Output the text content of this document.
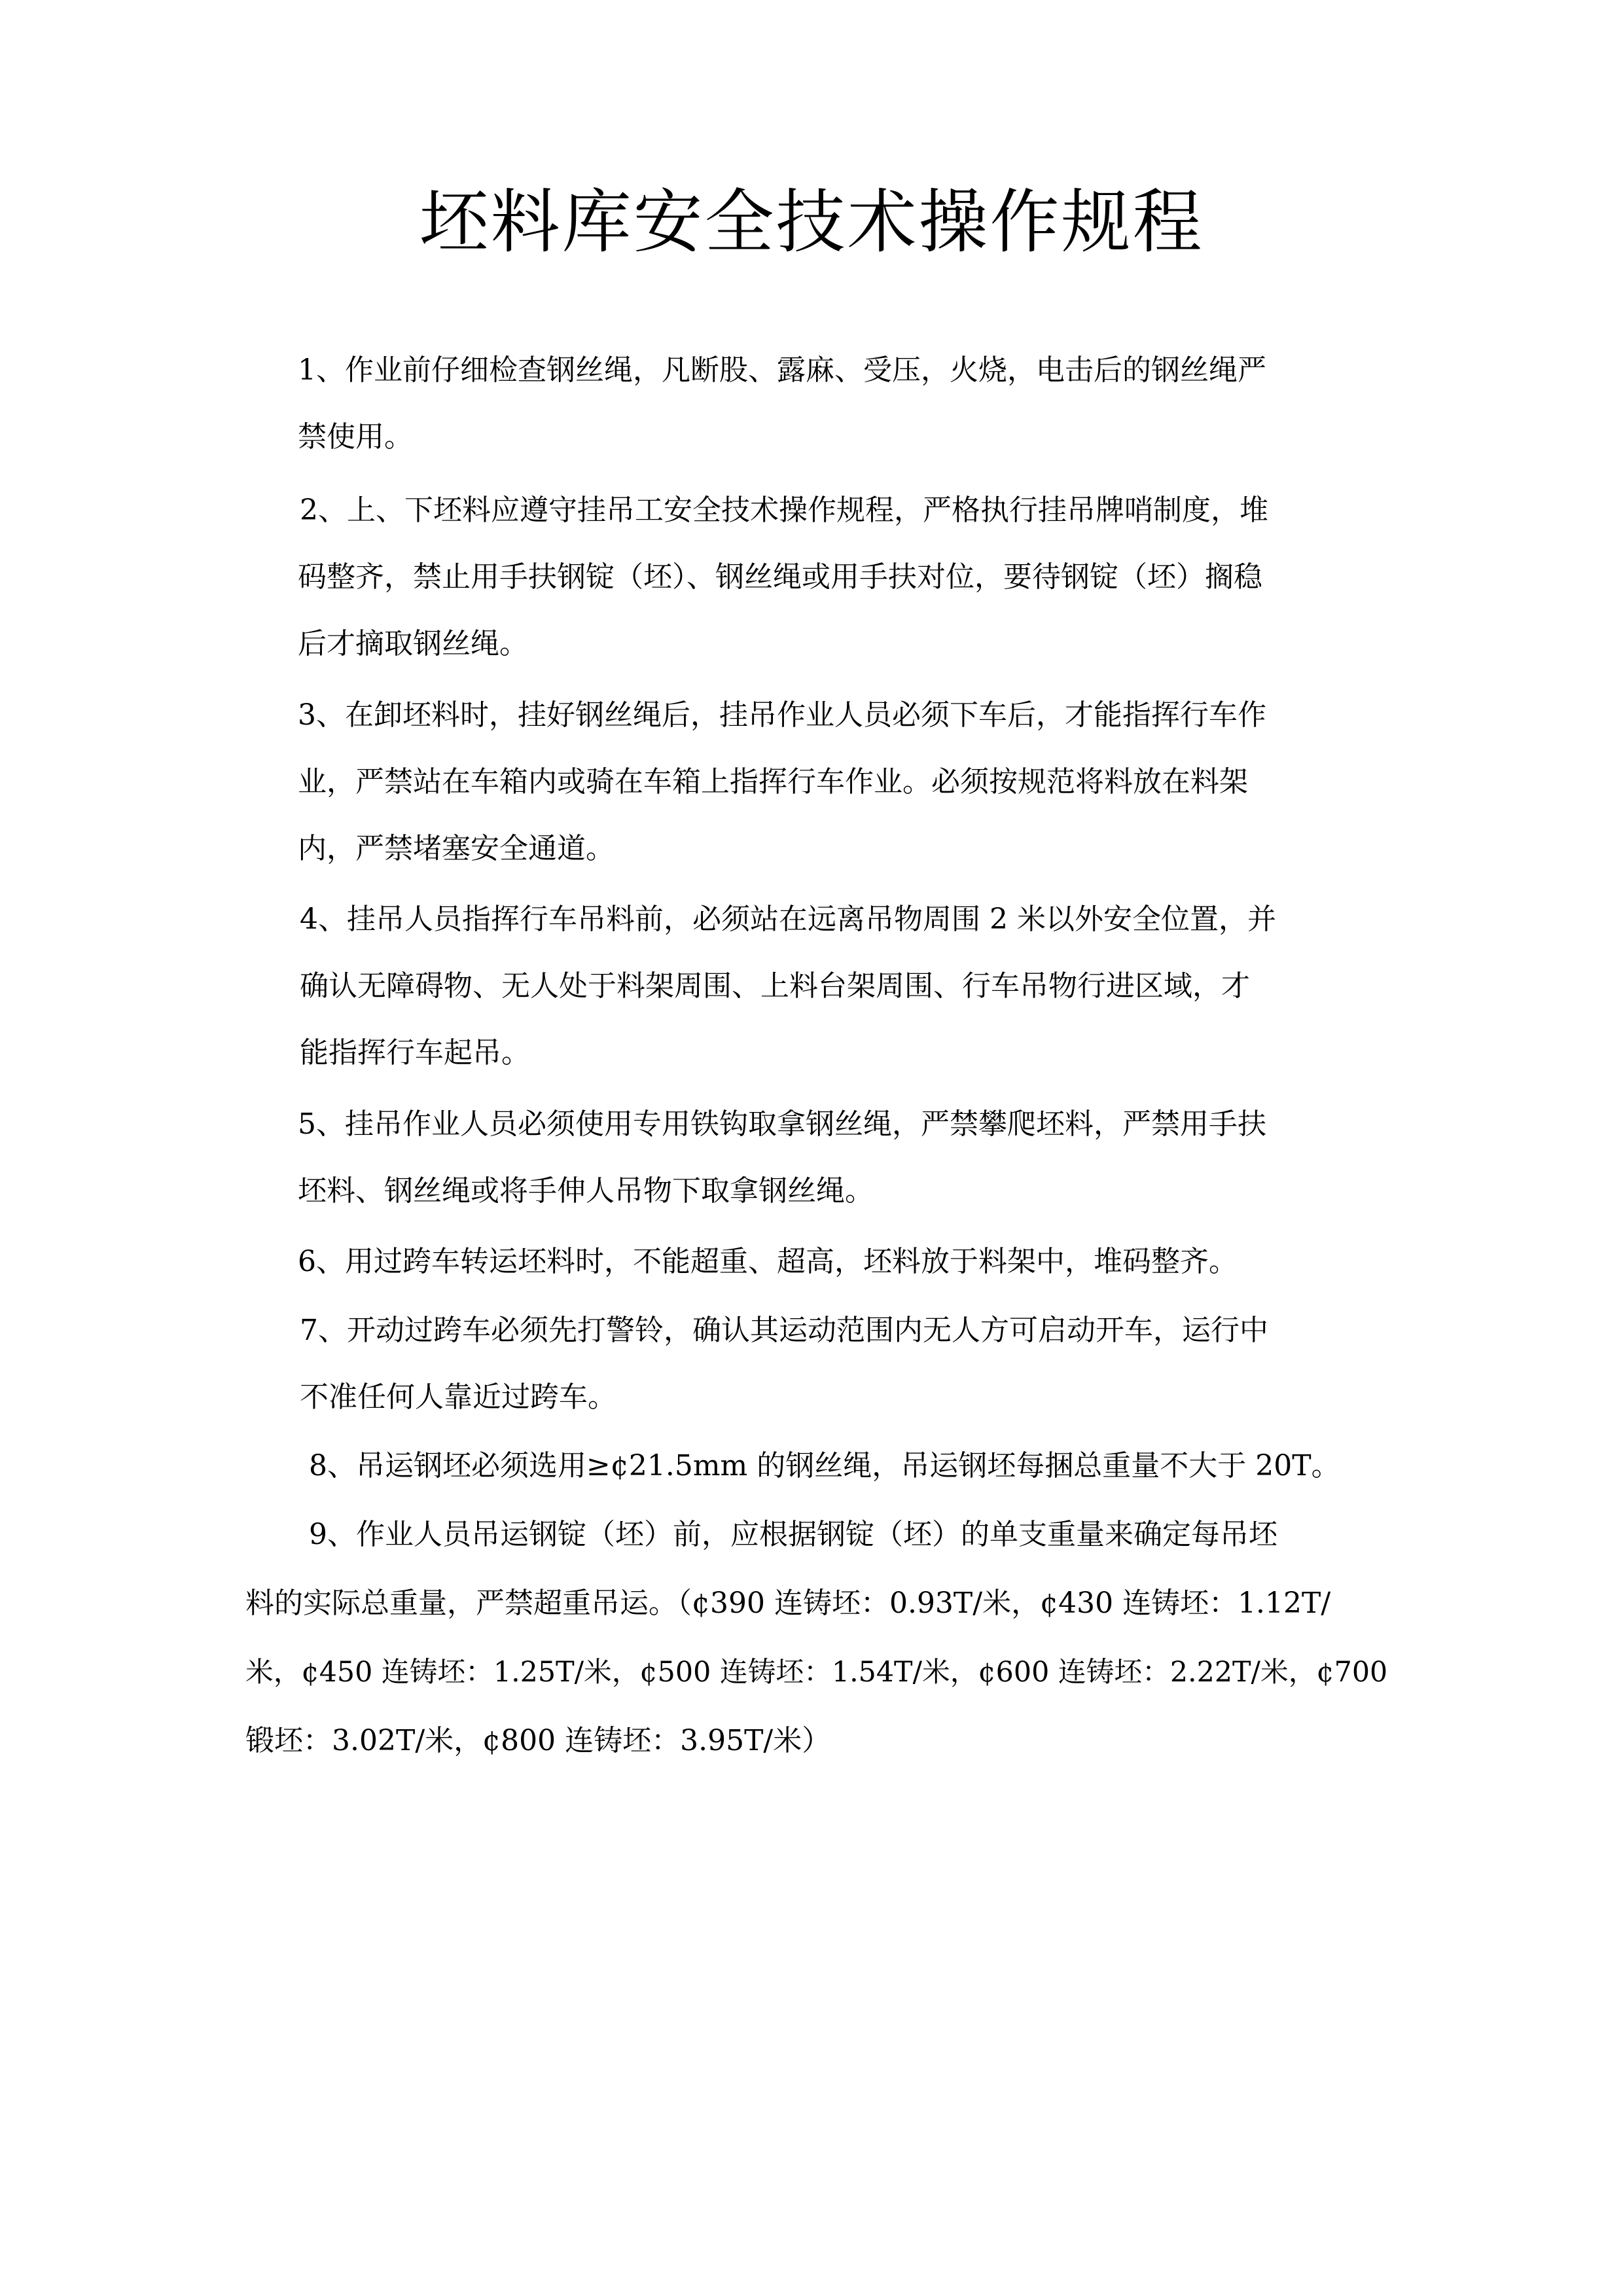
坯料库安全技术操作规程
1、作业前仔细检查钢丝绳，凡断股、露麻、受压，火烧，电击后的钢丝绳严
禁使用。
2、上、下坯料应遵守挂吊工安全技术操作规程，严格执行挂吊牌哨制度，堆
码整齐，禁止用手扶钢锭（坯）、钢丝绳或用手扶对位，要待钢锭（坯）搁稳
后才摘取钢丝绳。
3、在卸坯料时，挂好钢丝绳后，挂吊作业人员必须下车后，才能指挥行车作
业，严禁站在车箱内或骑在车箱上指挥行车作业。必须按规范将料放在料架
内，严禁堵塞安全通道。
4、挂吊人员指挥行车吊料前，必须站在远离吊物周围 2 米以外安全位置，并
确认无障碍物、无人处于料架周围、上料台架周围、行车吊物行进区域，才
能指挥行车起吊。
5、挂吊作业人员必须使用专用铁钩取拿钢丝绳，严禁攀爬坯料，严禁用手扶
坯料、钢丝绳或将手伸人吊物下取拿钢丝绳。
6、用过跨车转运坯料时，不能超重、超高，坯料放于料架中，堆码整齐。
7、开动过跨车必须先打警铃，确认其运动范围内无人方可启动开车，运行中
不准任何人靠近过跨车。
8、吊运钢坯必须选用≥¢21.5mm 的钢丝绳，吊运钢坯每捆总重量不大于 20T。
9、作业人员吊运钢锭（坯）前，应根据钢锭（坯）的单支重量来确定每吊坯
料的实际总重量，严禁超重吊运。（¢390 连铸坯：0.93T/米，¢430 连铸坯：1.12T/
米，¢450 连铸坯：1.25T/米，¢500 连铸坯：1.54T/米，¢600 连铸坯：2.22T/米，¢700
锻坯：3.02T/米，¢800 连铸坯：3.95T/米）
